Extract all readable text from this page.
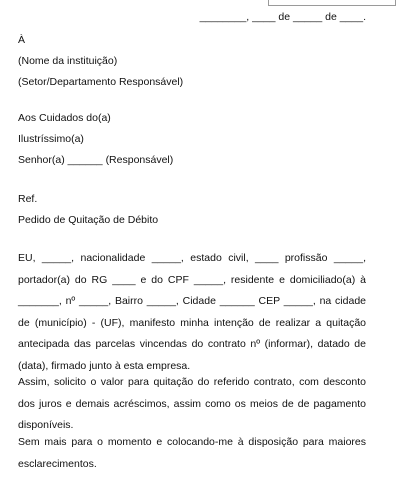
________, ____ de _____ de ____.

À

(Nome da instituição)

(Setor/Departamento Responsável)

Aos Cuidados do(a)

Ilustríssimo(a)

Senhor(a) ______ (Responsável)

Ref.

Pedido de Quitação de Débito

EU, _____, nacionalidade _____, estado civil, ____ profissão _____, portador(a) do RG ____ e do CPF _____, residente e domiciliado(a) à _______, nº _____, Bairro _____, Cidade ______ CEP _____, na cidade de (município) - (UF), manifesto minha intenção de realizar a quitação antecipada das parcelas vincendas do contrato nº (informar), datado de (data), firmado junto à esta empresa.

Assim, solicito o valor para quitação do referido contrato, com desconto dos juros e demais acréscimos, assim como os meios de de pagamento disponíveis.

Sem mais para o momento e colocando-me à disposição para maiores esclarecimentos.
